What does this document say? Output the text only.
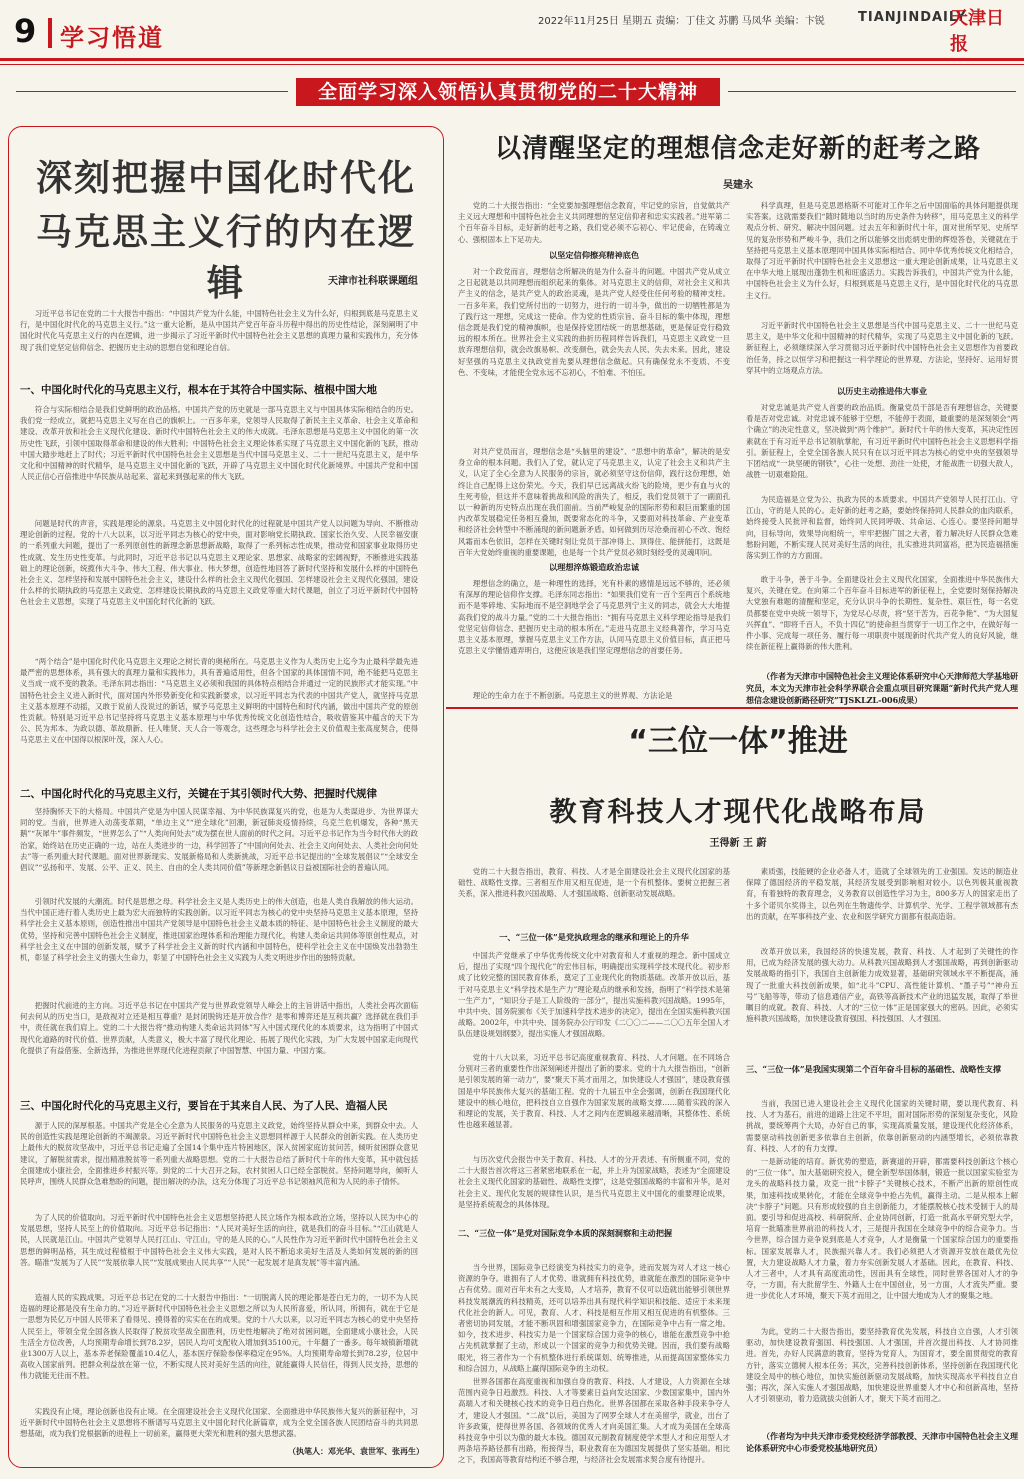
9 学习悟道
2022年11月25日 星期五 责编：丁佳文 苏鹏 马凤华 美编：卞锐	TIANJINDAILY
天津日报
全面学习深入领悟认真贯彻党的二十大精神
深刻把握中国化时代化
马克思主义行的内在逻辑	天津市社科联课题组
习近平总书记在党的二十大报告中指出：“中国共产党为什么能，中国特色社会主义为什么好，归根到底是马克思主义行，是中国化时代化的马克思主义行。”这一重大论断，是从中国共产党百年奋斗历程中得出的历史性结论，深刻阐明了中国化时代化马克思主义行的内在逻辑，进一步揭示了习近平新时代中国特色社会主义思想的真理力量和实践伟力，充分体现了我们党坚定信仰信念、把握历史主动的思想自觉和理论自信。
一、中国化时代化的马克思主义行，根本在于其符合中国实际、植根中国大地
符合与实际相结合是我们党鲜明的政治品格。中国共产党的历史就是一部马克思主义与中国具体实际相结合的历史。我们党一经成立，就把马克思主义写在自己的旗帜上。一百多年来，党领导人民取得了新民主主义革命、社会主义革命和建设、改革开放和社会主义现代化建设、新时代中国特色社会主义的伟大成就。毛泽东思想是马克思主义中国化的第一次历史性飞跃，引领中国取得革命和建设的伟大胜利；中国特色社会主义理论体系实现了马克思主义中国化新的飞跃，推动中国大踏步地赶上了时代；习近平新时代中国特色社会主义思想是当代中国马克思主义、二十一世纪马克思主义，是中华文化和中国精神的时代精华，是马克思主义中国化新的飞跃，开辟了马克思主义中国化时代化新境界。中国共产党和中国人民正信心百倍推进中华民族从站起来、富起来到强起来的伟大飞跃。
问题是时代的声音，实践是理论的源泉。马克思主义中国化时代化的过程就是中国共产党人以问题为导向、不断推动理论创新的过程。党的十八大以来，以习近平同志为核心的党中央，面对影响党长期执政、国家长治久安、人民幸福安康的一系列重大问题，提出了一系列原创性的新理念新思想新战略，取得了一系列标志性成果，推动党和国家事业取得历史性成就、发生历史性变革。与此同时，习近平总书记以马克思主义理论家、思想家、战略家的宏阔视野，不断推进实践基础上的理论创新，统揽伟大斗争、伟大工程、伟大事业、伟大梦想，创造性地回答了新时代坚持和发展什么样的中国特色社会主义、怎样坚持和发展中国特色社会主义，建设什么样的社会主义现代化强国、怎样建设社会主义现代化强国，建设什么样的长期执政的马克思主义政党、怎样建设长期执政的马克思主义政党等重大时代课题，创立了习近平新时代中国特色社会主义思想，实现了马克思主义中国化时代化新的飞跃。
“两个结合”是中国化时代化马克思主义理论之树长青的奥秘所在。马克思主义作为人类历史上迄今为止最科学最先进最严密的思想体系，具有强大的真理力量和实践伟力，具有普遍适用性，但各个国家的具体国情不同，绝不能把马克思主义当成一成不变的教条。毛泽东同志指出：“马克思主义必须和我国的具体特点相结合并通过一定的民族形式才能实现。”中国特色社会主义进入新时代，面对国内外形势新变化和实践新要求，以习近平同志为代表的中国共产党人，就坚持马克思主义基本原理不动摇，又敢于说前人没说过的新话，赋予马克思主义鲜明的中国特色和时代内涵，做出中国共产党的原创性贡献。特别是习近平总书记坚持将马克思主义基本原理与中华优秀传统文化创造性结合，吸收借鉴其中蕴含的天下为公、民为邦本、为政以德、革故鼎新、任人唯贤、天人合一等观念，这些理念与科学社会主义价值观主张高度契合，使得马克思主义在中国得以根深叶茂，深入人心。
二、中国化时代化的马克思主义行，关键在于其引领时代大势、把握时代规律
坚持胸怀天下的大格局。中国共产党是为中国人民谋幸福、为中华民族谋复兴的党，也是为人类谋进步、为世界谋大同的党。当前，世界进入动荡变革期，“单边主义”“逆全球化”回潮，新冠肺炎疫情持续，乌克兰危机爆发，各种“黑天鹅”“灰犀牛”事件频发，“世界怎么了”“人类向何处去”成为摆在世人面前的时代之问。习近平总书记作为当今时代伟大的政治家，始终站在历史正确的一边，站在人类进步的一边，科学回答了“中国向何处去、社会主义向何处去、人类社会向何处去”等一系列重大时代课题。面对世界新现实、发展新格局和人类新挑战，习近平总书记提出的“全球发展倡议”“全球安全倡议”“弘扬和平、发展、公平、正义、民主、自由的全人类共同价值”等新理念新倡议日益被国际社会的普遍认同。
引领时代发展的大潮流。时代是思想之母。科学社会主义是人类历史上的伟大创造，也是人类自我解放的伟大运动。当代中国正进行着人类历史上最为宏大而独特的实践创新。以习近平同志为核心的党中央坚持马克思主义基本原理，坚持科学社会主义基本原则，创造性推出中国共产党领导是中国特色社会主义最本质的特征、是中国特色社会主义制度的最大优势，坚持和完善中国特色社会主义制度，推进国家治理体系和治理能力现代化，构建人类命运共同体等原创性观点，对科学社会主义在中国的创新发展，赋予了科学社会主义新的时代内涵和中国特色，使科学社会主义在中国焕发出勃勃生机，彰显了科学社会主义的强大生命力，彰显了中国特色社会主义实践为人类文明进步作出的独特贡献。
把握时代前进的主方向。习近平总书记在中国共产党与世界政党领导人峰会上的主旨讲话中指出，人类社会再次面临何去何从的历史当口，是敌视对立还是相互尊重？是封闭脱钩还是开放合作？是零和博弈还是互利共赢？选择就在我们手中，责任就在我们肩上。党的二十大报告将“推动构建人类命运共同体”写入中国式现代化的本质要求，这为指明了中国式现代化道路的时代价值、世界贡献，人类意义，极大丰富了现代化理论、拓展了现代化实践，为广大发展中国家走向现代化提供了有益借鉴、全新选择，为推进世界现代化进程贡献了中国智慧、中国力量、中国方案。
三、中国化时代化的马克思主义行，要旨在于其来自人民、为了人民、造福人民
源于人民的深厚根基。中国共产党是全心全意为人民服务的马克思主义政党，始终坚持从群众中来，到群众中去。人民的创造性实践是理论创新的不竭源泉。习近平新时代中国特色社会主义思想同样源于人民群众的创新实践。在人类历史上最伟大的脱贫攻坚战中，习近平总书记走遍了全国14个集中连片特困地区，深入贫困家庭访贫问苦，倾听贫困群众意见建议，了解脱贫需求，提出精准脱贫等一系列重大战略思想。党的二十大报告总结了新时代十年的伟大变革，其中就包括全面建成小康社会，全面推进乡村振兴等。到党的二十大召开之际，农村贫困人口已经全部脱贫。坚持问题导向，倾听人民呼声，围绕人民群众急难愁盼的问题，提出解决的办法，这充分体现了习近平总书记领袖风范和为人民的赤子情怀。
为了人民的价值取向。习近平新时代中国特色社会主义思想坚持把人民立场作为根本政治立场，坚持以人民为中心的发展思想，坚持人民至上的价值取向。习近平总书记指出：“人民对美好生活的向往，就是我们的奋斗目标。”“江山就是人民，人民就是江山。中国共产党领导人民打江山、守江山，守的是人民的心。”人民性作为习近平新时代中国特色社会主义思想的鲜明品格，其生成过程植根于中国特色社会主义伟大实践，是对人民不断追求美好生活及人类如何发展的新的回答。瞄准“发展为了人民”“发展依靠人民”“发展成果由人民共享”“人民”一起发展才是真发展”等丰富内涵。
造福人民的实践成果。习近平总书记在党的二十大报告中指出：“一切脱离人民的理论都是苍白无力的，一切不为人民造福的理论都是没有生命力的。”习近平新时代中国特色社会主义思想之所以为人民所喜爱，所认同，所拥有，就在于它是一思想为民亿万中国人民带来了看得见、摸得着的实实在在的成果。党的十八大以来，以习近平同志为核心的党中央坚持人民至上，带领全党全国各族人民取得了脱贫攻坚战全面胜利，历史性地解决了绝对贫困问题，全面建成小康社会，人民生活全方位改善，人均预期寿命增长到78.2岁，居民人均可支配收入增加到35100元，十年翻了一番多。每年城镇新增就业1300万人以上，基本养老保险覆盖10.4亿人，基本医疗保险参保率稳定在95%。人均预期寿命增长到78.2岁，位居中高收入国家前列。把群众利益放在第一位，不断实现人民对美好生活的向往，就能赢得人民信任，得到人民支持，思想的伟力就能无往而不胜。
实践没有止境，理论创新也没有止境。在全面建设社会主义现代化国家、全面推进中华民族伟大复兴的新征程中，习近平新时代中国特色社会主义思想将不断谱写马克思主义中国化时代化新篇章，成为全党全国各族人民团结奋斗的共同思想基础，成为我们党根据新的进程上一切前来，赢得更大荣光和胜利的强大思想武器。
（执笔人：邓光华、袁世军、张再生）
以清醒坚定的理想信念走好新的赶考之路
吴建永
党的二十大报告指出：“全党要加强理想信念教育，牢记党的宗旨，自觉做共产主义远大理想和中国特色社会主义共同理想的坚定信仰者和忠实实践者。”进军第二个百年奋斗目标，走好新的赶考之路，我们党必须不忘初心、牢记使命，在铸魂立心、强根固本上下足功夫。
以坚定信仰擦亮精神底色
对一个政党而言，理想信念所解决的是为什么奋斗的问题。中国共产党从成立之日起就是以共同理想而组织起来的集体。对马克思主义的信仰，对社会主义和共产主义的信念，是共产党人的政治灵魂，是共产党人经受住任何考验的精神支柱。一百多年来，我们党所付出的一切努力，进行的一切斗争，做出的一切牺牲都是为了践行这一理想，完成这一使命。作为党的性质宗旨、奋斗目标的集中体现，理想信念既是我们党的精神旗帜，也是保持党团结统一的思想基础，更是保证党行稳致远的根本所在。世界社会主义实践的曲折历程同样告诉我们，马克思主义政党一旦放弃理想信仰，就会改旗易帜、改变颜色，就会失去人民、失去未来。因此，建设好坚强的马克思主义执政党首先要从理想信念做起。只有确保党永不变质、不变色、不变味，才能使全党永远不忘初心，不怕难、不怕压。
对共产党员而言，理想信念是“头脑里的建设”、“思想中的革命”，解决的是安身立命的根本问题。我们入了党，就认定了马克思主义，认定了社会主义和共产主义，认定了全心全意为人民服务的宗旨，就必须坚守这份信仰，践行这份理想，始终让自己配得上这份荣光。今天，我们早已远离战火纷飞的险境，更少有血与火的生死考验，但这并不意味着挑战和风险的消失了，相反，我们党员领干了一副面孔以一种新的历史特点出现在我们面前。当前严峻复杂的国际形势和艰巨而繁重的国内改革发展稳定任务相互叠加，既要常态化的斗争，又要面对科技革命、产业变革和经济社会转型中不断涌现的新问题新矛盾。如何做到历尽沧桑而初心不改、饱经风霜而本色依旧，怎样在关键时刻让党员干部冲得上、顶得住、能拼能打，这既是百年大党始终重视的重要课题，也是每一个共产党员必须时刻经受的灵魂叩问。
以理想淬炼锻造政治忠诚
理想信念的确立，是一种理性的选择，光有朴素的感情是远远不够的，还必须有深厚的理论信仰作支撑。毛泽东同志指出：“如果我们党有一百个至两百个系统地而不是零碎地、实际地而不是空洞地学会了马克思列宁主义的同志，就会大大地提高我们党的战斗力量。”党的二十大报告指出：“拥有马克思主义科学理论指导是我们党坚定信仰信念、把握历史主动的根本所在。”走进马克思主义经典著作，学习马克思主义基本原理，掌握马克思主义工作方法，认同马克思主义价值目标，真正把马克思主义学懂悟通弄明白，这便应该是我们坚定理想信念的首要任务。
理论的生命力在于不断创新。马克思主义的世界观、方法论是
科学真理，但是马克思恩格斯不可能对工作年之后中国面临的具体问题提供现实答案。这就需要我们“随时随地以当时的历史条件为转移”，用马克思主义的科学观点分析、研究、解决中国问题。过去五年和新时代十年，面对世所罕见、史所罕见的复杂形势和严峻斗争，我们之所以能够交出彪炳史册的辉煌答卷，关键就在于坚持把马克思主义基本原理同中国具体实际相结合、同中华优秀传统文化相结合，取得了习近平新时代中国特色社会主义思想这一重大理论创新成果，让马克思主义在中华大地上展现出蓬勃生机和旺盛活力。实践告诉我们，中国共产党为什么能，中国特色社会主义为什么好，归根到底是马克思主义行，是中国化时代化的马克思主义行。
习近平新时代中国特色社会主义思想是当代中国马克思主义、二十一世纪马克思主义，是中华文化和中国精神的时代精华，实现了马克思主义中国化新的飞跃。新征程上，必须继续深入学习贯彻习近平新时代中国特色社会主义思想作为首要政治任务，持之以恒学习和把握这一科学理论的世界观、方法论，坚持好、运用好贯穿其中的立场观点方法。
以历史主动推进伟大事业
对党忠诚是共产党人首要的政治品质。衡量党员干部是否有理想信念，关键要看是否对党忠诚。对党忠诚不能够于空想，不能停于表面，最重要的是深刻领会“两个确立”的决定性意义，坚决做到“两个维护”。新时代十年的伟大变革，其决定性因素就在于有习近平总书记领航掌舵，有习近平新时代中国特色社会主义思想科学指引。新征程上，全党全国各族人民只有在以习近平同志为核心的党中央的坚强领导下团结成“一块坚硬的钢铁”，心往一处想、劲往一处使，才能战胜一切强大敌人，战胜一切艰难险阻。
为民造福是立党为公、执政为民的本质要求。中国共产党领导人民打江山、守江山，守的是人民的心。走好新的赶考之路，要始终保持同人民群众的血肉联系，始终接受人民批评和监督，始终同人民同呼吸、共命运、心连心。要坚持问题导向，目标导向，效果导向相统一，牢牢把握广国之大者，着力解决好人民群众急难愁盼问题，不断实现人民对美好生活的向往，扎实推进共同富裕，把为民造福措施落实到工作的方方面面。
敢于斗争，善于斗争。全面建设社会主义现代化国家，全面推进中华民族伟大复兴，关键在党。在向第二个百年奋斗目标进军的新征程上，全党要时刻保持解决大党独有难题的清醒和坚定，充分认识斗争的长期性、复杂性、艰巨性，每一名党员都要在党中央统一领导下，为党尽心尽责，将“坚干苦为，百花争艳”、“为大国复兴挥血”、“即将千百人，不负十四亿”的使命担当贯穿于一切工作之中，在做好每一件小事、完成每一项任务、履行每一项职责中展现新时代共产党人的良好风貌，继续在新征程上赢得新的伟大胜利。
（作者为天津市中国特色社会主义理论体系研究中心天津师范大学基地研究员，本文为天津市社会科学界联合会重点项目研究课题“新时代共产党人理想信念建设创新路径研究”TJSKLZL-006成果）
“三位一体”推进
教育科技人才现代化战略布局
王得新 王 蔚
党的二十大报告指出，教育、科技、人才是全面建设社会主义现代化国家的基础性、战略性支撑。三者相互作用又相互促进，是一个有机整体。要树立把握三者关系，深入推进科教兴国战略、人才强国战略、创新驱动发展战略。
一、“三位一体”是党执政理念的继承和理论上的升华
中国共产党继承了中华优秀传统文化中对教育和人才重视的理念。新中国成立后，提出了实现“四个现代化”的宏伟目标，明确提出实现科学技术现代化。初步形成了比较完整的国民教育体系，奠定了工业现代化的物质基础。改革开放以后，基于对马克思主义“科学技术是生产力”理论观点的继承和发扬，指明了“科学技术是第一生产力”，“知识分子是工人阶级的一部分”，提出实施科教兴国战略。1995年，中共中央、国务院颁布《关于加速科学技术进步的决定》，提出在全国实施科教兴国战略。2002年，中共中央、国务院办公厅印发《二〇〇二——二〇〇五年全国人才队伍建设规划纲要》，提出实施人才强国战略。
党的十八大以来，习近平总书记高度重视教育、科技、人才问题。在不同场合分别对三者的重要性作出深刻阐述并提出了新的要求。党的十九大报告指出，“创新是引领发展的第一动力”，要“聚天下英才而用之，加快建设人才强国”，建设教育强国是中华民族伟大复兴的基础工程。党的十九届五中全会强调，创新在我国现代化建设中的核心地位，把科技自立自强作为国家发展的战略支撑……随着实践的深入和理论的发展，关于教育、科技、人才之间内在逻辑越来越清晰，其整体性、系统性也越来越显著。
与历次党代会报告中关于教育、科技、人才的分开表述、有所侧重不同，党的二十大报告首次将这三者紧密地联系在一起，并上升为国家战略，表述为“全面建设社会主义现代化国家的基础性、战略性支撑”，这是党强国战略的丰富和升华，是对社会主义、现代化发展的规律性认识，是当代马克思主义中国化的重要理论成果，是坚持系统观念的具体体现。
二、“三位一体”是党对国际竞争本质的深刻洞察和主动把握
当今世界，国际竞争已经演变为科技实力的竞争，进而发展为对人才这一核心资源的争夺。谁拥有了人才优势、谁就拥有科技优势，谁就能在激烈的国际竞争中占有优势。面对百年未有之大变局，人才培养，教育不仅可以造就出能够引领世界科技发展潮流的科技精英，还可以培养出具有现代科学知识和技能、适应于未来现代化社会的新人。可见，教育、人才、科技是相互作用又相互促进的有机整体。三者密切协同发展，才能不断巩固和增强国家竞争力，在国际竞争中占有一席之地。如今，技术进步、科技实力是一个国家综合国力竞争的核心，谁能在激烈竞争中抢占先机就掌握了主动，形成以一个国家的竞争力和优势关键。因而，我们要有战略眼光，将三者作为一个有机整体进行系统谋划、统筹推进，从而提高国家整体实力和综合国力，从战略上赢得国际竞争的主动权。
世界各国都在高度重视和加强自身的教育、科技、人才建设，人力资源在全球范围内竞争日趋激烈。科技、人才等要素日益向发达国家、少数国家集中，国内外高端人才和关键核心技术的竞争日趋白热化。世界各国都在采取各种手段来争夺人才，建设人才强国。“二战”以后，美国为了网罗全球人才在美留学，就业，出台了许多政策，使得世界各国、各领域的优秀人才向美国汇集。人才成为美国在全球高科技竞争中引以为傲的最大本钱。德国双元制教育制度使学术型人才和应用型人才两条培养路径都有出路，衔接得当，职业教育在为德国发展提供了坚实基础。相比之下，我国高等教育结构还不够合理，与经济社会发展需求契合度有待提升。
素质强，技能硬的企业必备人才，造就了全球领先的工业强国。发达的制造业保障了德国经济的平稳发展，其经济发展受到影响相对较小。以色列极其重视教育，有着独特的教育理念，义务教育以创造性学习为主，800多万人的国家走出了十多个诺贝尔奖得主，以色列在生物遗传学、计算机学、光学、工程学领域都有杰出的贡献，在军事科技产业、农业和医学研究方面都有很高造诣。
改革开放以来，我国经济的快速发展，教育、科技、人才起到了关键性的作用，已成为经济发展的强大动力。从科教兴国战略到人才强国战略，再到创新驱动发展战略的指引下，我国自主创新能力成效显著，基础研究领域水平不断提高，涌现了一批重大科技创新成果，如“北斗”CPU、高性能计算机、“墨子号”“神舟五号”飞船等等，带动了信息通信产业，高铁等高新技术产业的迅猛发展，取得了举世瞩目的成就。教育、科技、人才的“三位一体”正是国家强大的密码。因此，必须实施科教兴国战略，加快建设教育强国、科技强国、人才强国。
三、“三位一体”是我国实现第二个百年奋斗目标的基础性、战略性支撑
当前，我国已进入建设社会主义现代化国家的关键时期，要以现代教育、科技、人才为基石，前进的道路上注定不平坦，面对国际形势的深刻复杂变化，风险挑战，要统筹两个大局，办好自己的事，实现高质量发展，建设现代化经济体系，需要驱动科技创新更多依靠自主创新，依靠创新驱动的内涵型增长，必须依靠教育、科技、人才的有力支撑。
一是新动能的培育。新优势的塑造，新赛道的开辟，都需要科技创新这个核心的“三位一体”。加大基础研究投入，健全新型举国体制，锻造一批以国家实验室为龙头的战略科技力量，攻克一批“卡脖子”关键核心技术，不断产出新的原创性成果，加速科技成果转化，才能在全球竞争中抢占先机，赢得主动。二是从根本上解决“卡脖子”问题。只有形成较强的自主创新能力，才能摆脱核心技术受制于人的局面。要引导和促进高校、科研院所、企业协同创新，打造一批高水平研究型大学，培育一批瞄准世界前沿的科技人才，三是提升我国在全球竞争中的综合竞争力。当今世界，综合国力竞争说到底是人才竞争，人才是衡量一个国家综合国力的重要指标。国家发展靠人才，民族振兴靠人才。我们必须把人才资源开发放在最优先位置，大力建设战略人才力量，着力夯实创新发展人才基础。因此，在教育、科技、人才三者中，人才具有高度流动性，因而具有全球性，同时世界各国对人才的争夺，一方面，有大批留学生、外籍人士在中国创业，另一方面，人才流失严重。要进一步优化人才环境，聚天下英才而用之，让中国大地成为人才的聚集之地。
为此，党的二十大报告指出，要坚持教育优先发展，科技自立自强，人才引领驱动，加快建设教育强国、科技强国、人才强国，并首次提出科技、人才协同推进。首先，办好人民满意的教育，坚持为党育人，为国育才，要全面贯彻党的教育方针，落实立德树人根本任务；其次，完善科技创新体系，坚持创新在我国现代化建设全局中的核心地位，加快实施创新驱动发展战略，加快实现高水平科技自立自强；再次，深入实施人才强国战略，加快建设世界重要人才中心和创新高地，坚持人才引领驱动，着力造就拔尖创新人才，聚天下英才而用之。
（作者均为中共天津市委党校经济学部教授、天津市中国特色社会主义理论体系研究中心市委党校基地研究员）
